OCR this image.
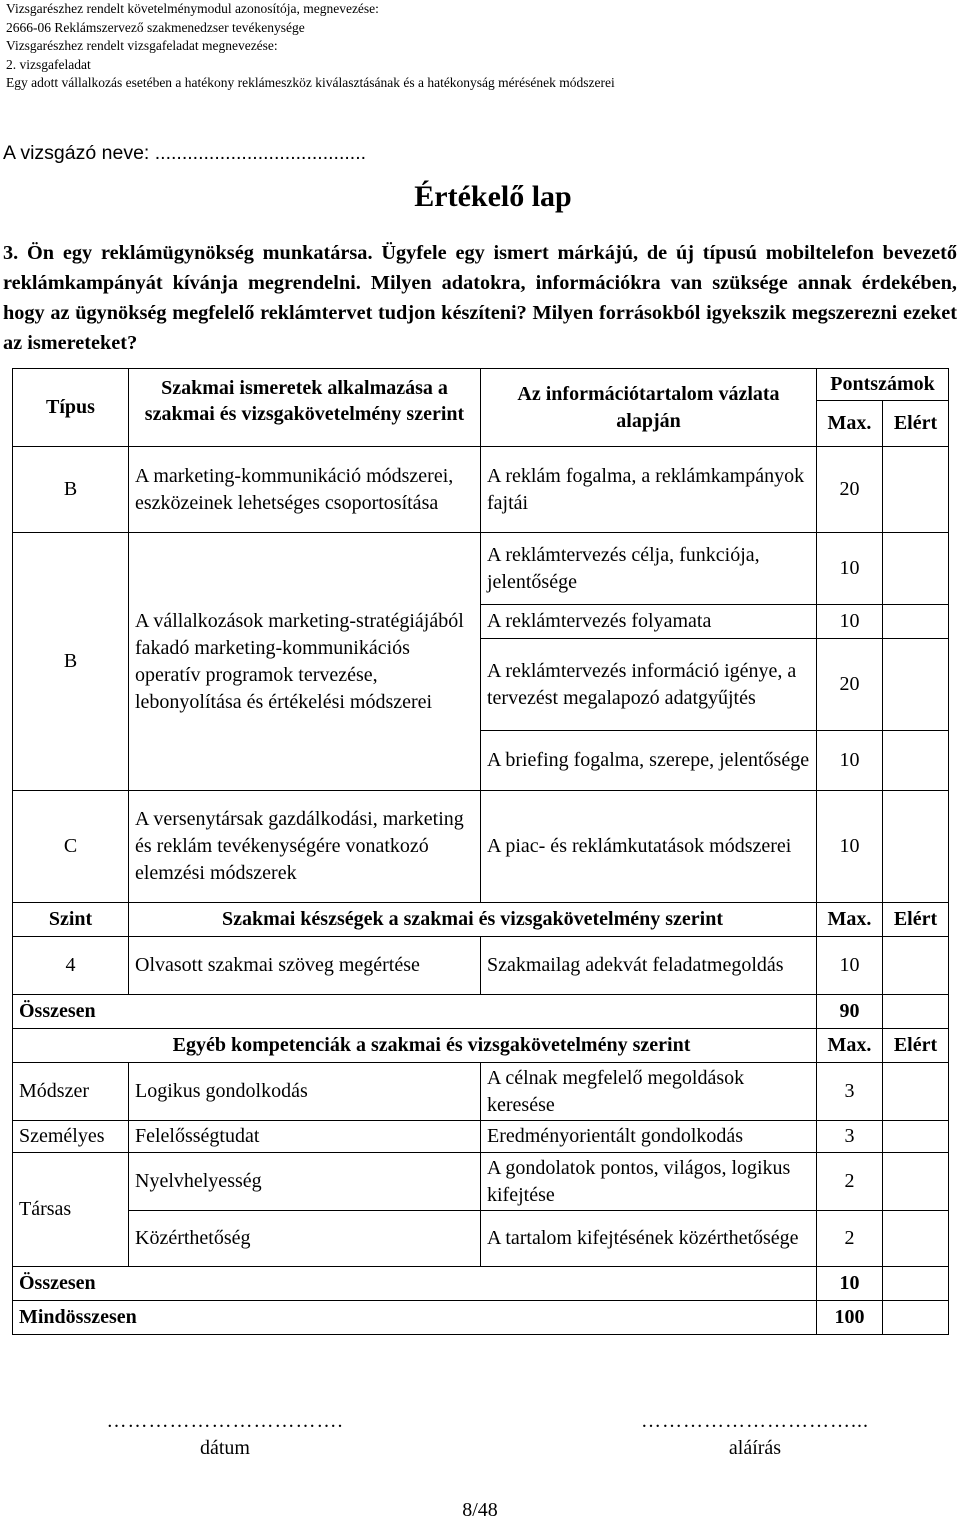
Vizsgarészhez rendelt követelménymodul azonosítója, megnevezése:
2666-06 Reklámszervező szakmenedzser tevékenysége
Vizsgarészhez rendelt vizsgafeladat megnevezése:
2. vizsgafeladat
Egy adott vállalkozás esetében a hatékony reklámeszköz kiválasztásának és a hatékonyság mérésének módszerei
A vizsgázó neve: .......................................
Értékelő lap
3. Ön egy reklámügynökség munkatársa. Ügyfele egy ismert márkájú, de új típusú mobiltelefon bevezető reklámkampányát kívánja megrendelni. Milyen adatokra, információkra van szüksége annak érdekében, hogy az ügynökség megfelelő reklámtervet tudjon készíteni? Milyen forrásokból igyekszik megszerezni ezeket az ismereteket?
Típus	Szakmai ismeretek alkalmazása a szakmai és vizsgakövetelmény szerint	Az információtartalom vázlata alapján	Pontszámok	
			Max.	Elért
B	A marketing-kommunikáció módszerei, eszközeinek lehetséges csoportosítása	A reklám fogalma, a reklámkampányok fajtái	20	
B	A vállalkozások marketing-stratégiájából fakadó marketing-kommunikációs operatív programok tervezése, lebonyolítása és értékelési módszerei	A reklámtervezés célja, funkciója, jelentősége	10	
		A reklámtervezés folyamata	10	
		A reklámtervezés információ igénye, a tervezést megalapozó adatgyűjtés	20	
		A briefing fogalma, szerepe, jelentősége	10	
C	A versenytársak gazdálkodási, marketing és reklám tevékenységére vonatkozó elemzési módszerek	A piac- és reklámkutatások módszerei	10	
Szint	Szakmai készségek a szakmai és vizsgakövetelmény szerint		Max.	Elért
4	Olvasott szakmai szöveg megértése	Szakmailag adekvát feladatmegoldás	10	
Összesen			90	
Egyéb kompetenciák a szakmai és vizsgakövetelmény szerint			Max.	Elért
Módszer	Logikus gondolkodás	A célnak megfelelő megoldások keresése	3	
Személyes	Felelősségtudat	Eredményorientált gondolkodás	3	
Társas	Nyelvhelyesség	A gondolatok pontos, világos, logikus kifejtése	2	
	Közérthetőség	A tartalom kifejtésének közérthetősége	2	
Összesen			10	
Mindösszesen			100	
…………………………….
dátum
…………………………...
aláírás
8/48
